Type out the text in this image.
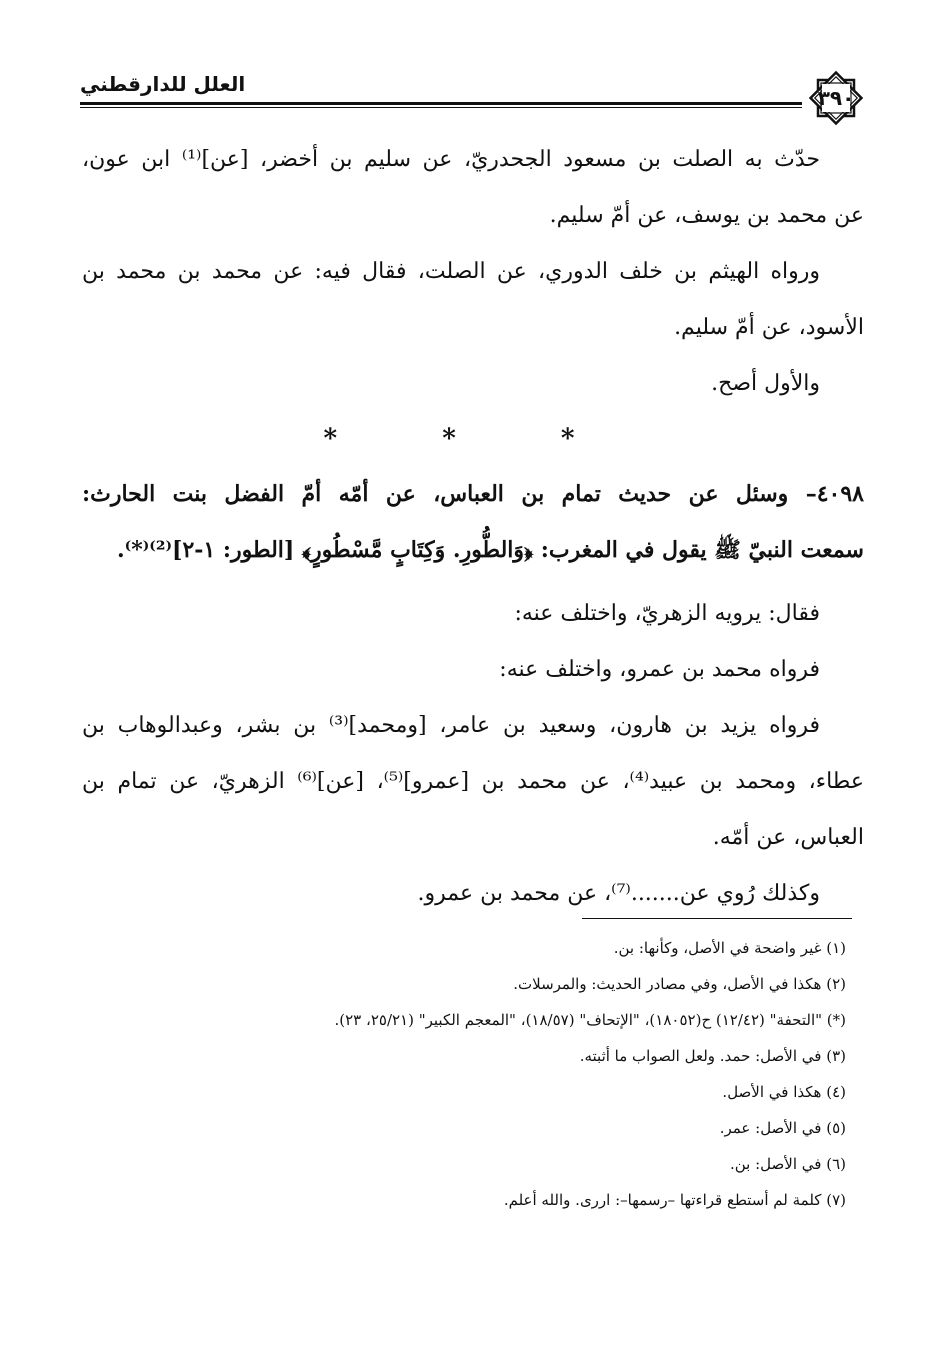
العلل للدارقطني
٣٩٠
حدّث به الصلت بن مسعود الجحدريّ، عن سليم بن أخضر، [عن]⁽¹⁾ ابن عون،
عن محمد بن يوسف، عن أمّ سليم.
ورواه الهيثم بن خلف الدوري، عن الصلت، فقال فيه: عن محمد بن محمد بن
الأسود، عن أمّ سليم.
والأول أصح.
* * *
٤٠٩٨– وسئل عن حديث تمام بن العباس، عن أمّه أمّ الفضل بنت الحارث:
سمعت النبيّ ﷺ يقول في المغرب: ﴿وَالطُّورِ. وَكِتَابٍ مَّسْطُورٍ﴾ [الطور: ١-٢]⁽²⁾⁽*⁾.
فقال: يرويه الزهريّ، واختلف عنه:
فرواه محمد بن عمرو، واختلف عنه:
فرواه يزيد بن هارون، وسعيد بن عامر، [ومحمد]⁽³⁾ بن بشر، وعبدالوهاب بن
عطاء، ومحمد بن عبيد⁽⁴⁾، عن محمد بن [عمرو]⁽⁵⁾، [عن]⁽⁶⁾ الزهريّ، عن تمام بن
العباس، عن أمّه.
وكذلك رُوي عن.......⁽⁷⁾، عن محمد بن عمرو.
(١) غير واضحة في الأصل، وكأنها: بن.
(٢) هكذا في الأصل، وفي مصادر الحديث: والمرسلات.
(*) "التحفة" (١٢/٤٢) ح(١٨٠٥٢)، "الإتحاف" (١٨/٥٧)، "المعجم الكبير" (٢٥/٢١، ٢٣).
(٣) في الأصل: حمد. ولعل الصواب ما أثبته.
(٤) هكذا في الأصل.
(٥) في الأصل: عمر.
(٦) في الأصل: بن.
(٧) كلمة لم أستطع قراءتها –رسمها–: اررى. والله أعلم.
